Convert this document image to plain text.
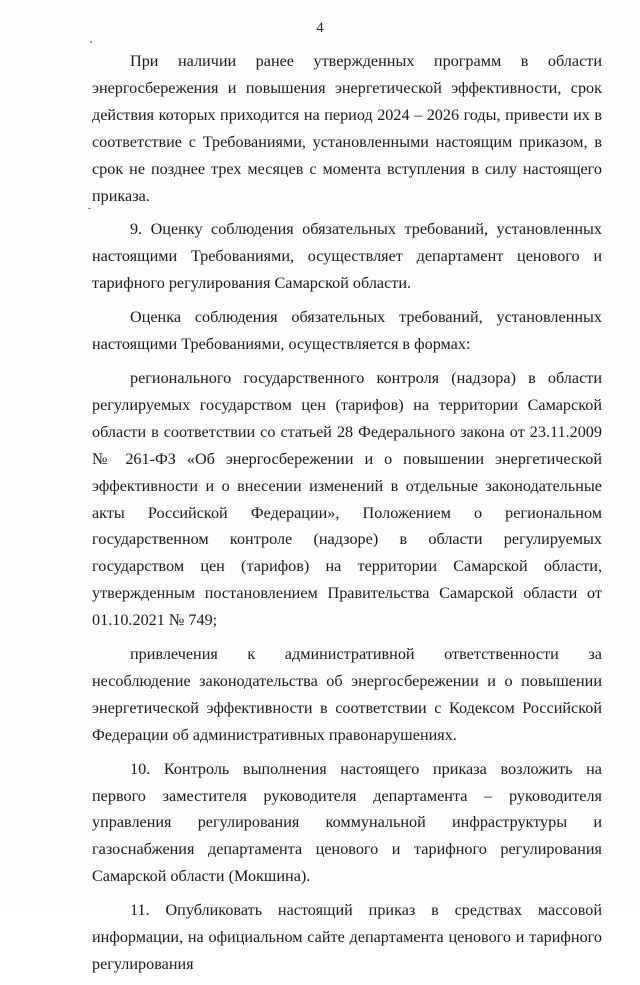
4

При наличии ранее утвержденных программ в области энергосбережения и повышения энергетической эффективности, срок действия которых приходится на период 2024 – 2026 годы, привести их в соответствие с Требованиями, установленными настоящим приказом, в срок не позднее трех месяцев с момента вступления в силу настоящего приказа.

9. Оценку соблюдения обязательных требований, установленных настоящими Требованиями, осуществляет департамент ценового и тарифного регулирования Самарской области.

Оценка соблюдения обязательных требований, установленных настоящими Требованиями, осуществляется в формах:

регионального государственного контроля (надзора) в области регулируемых государством цен (тарифов) на территории Самарской области в соответствии со статьей 28 Федерального закона от 23.11.2009 № 261-ФЗ «Об энергосбережении и о повышении энергетической эффективности и о внесении изменений в отдельные законодательные акты Российской Федерации», Положением о региональном государственном контроле (надзоре) в области регулируемых государством цен (тарифов) на территории Самарской области, утвержденным постановлением Правительства Самарской области от 01.10.2021 № 749;

привлечения к административной ответственности за несоблюдение законодательства об энергосбережении и о повышении энергетической эффективности в соответствии с Кодексом Российской Федерации об административных правонарушениях.

10. Контроль выполнения настоящего приказа возложить на первого заместителя руководителя департамента – руководителя управления регулирования коммунальной инфраструктуры и газоснабжения департамента ценового и тарифного регулирования Самарской области (Мокшина).

11. Опубликовать настоящий приказ в средствах массовой информации, на официальном сайте департамента ценового и тарифного регулирования
